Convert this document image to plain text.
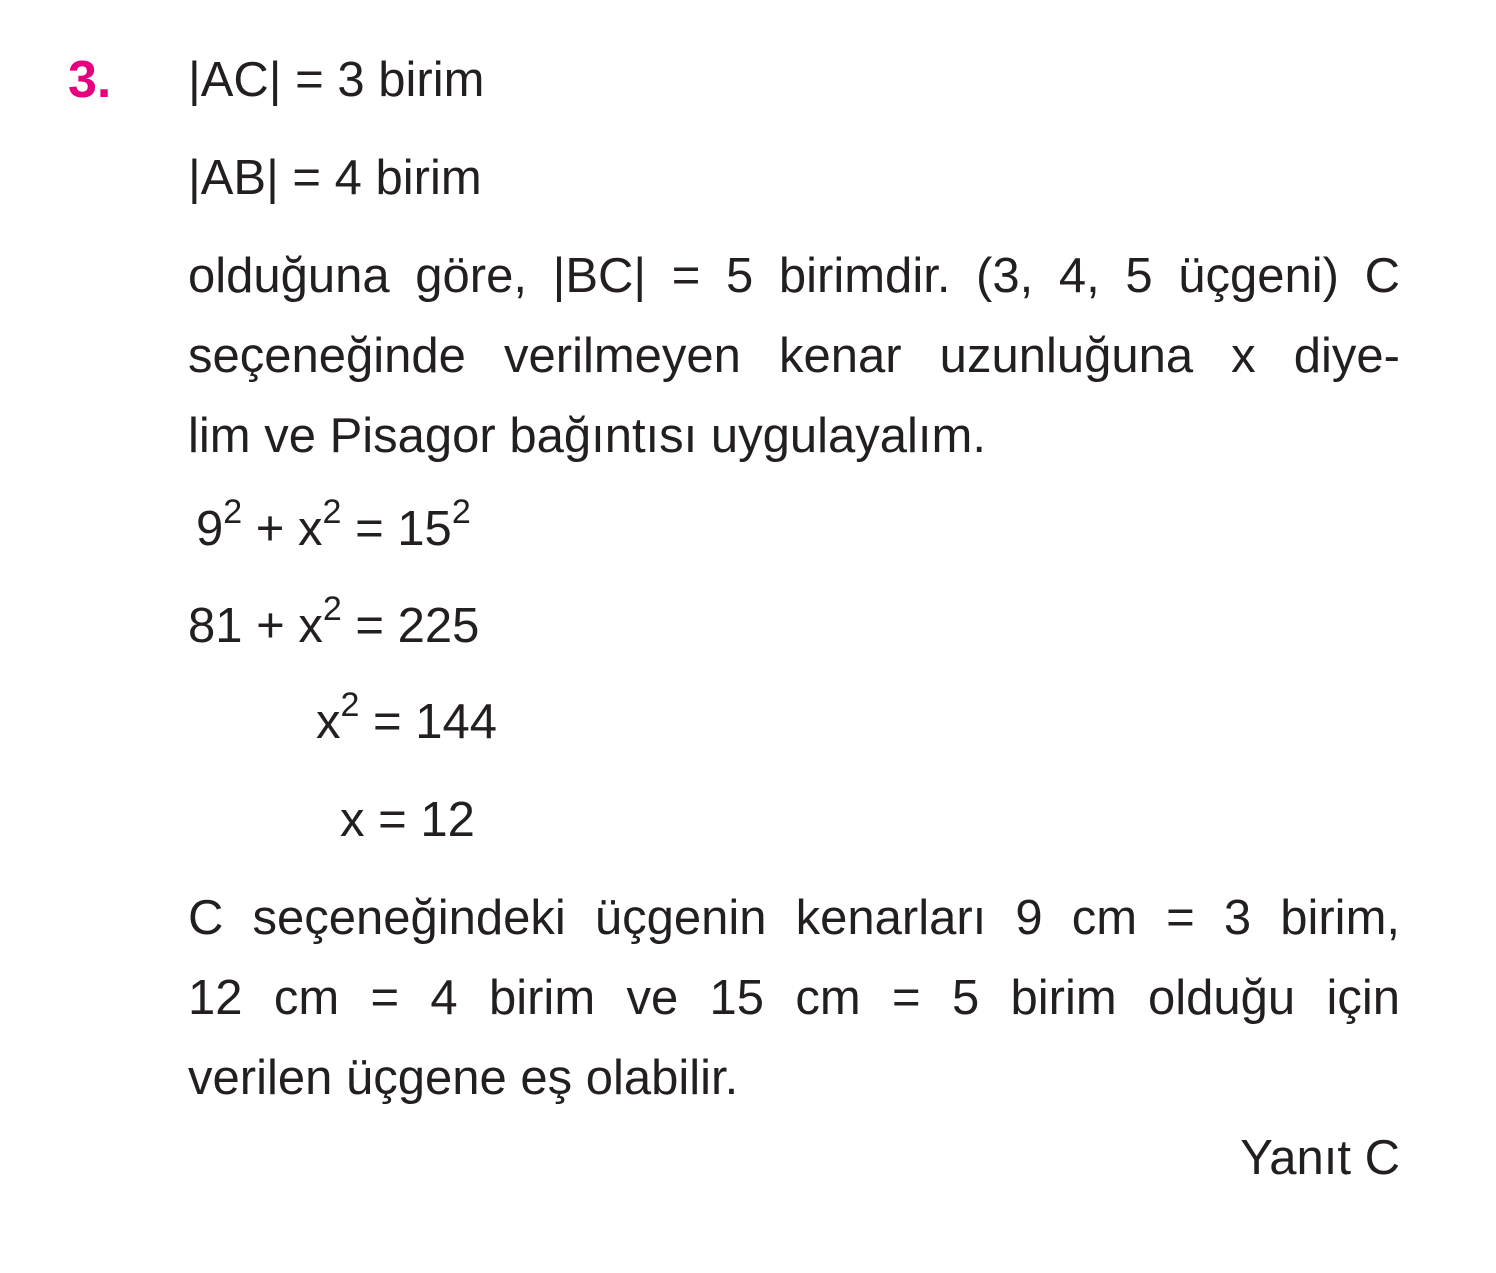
3. |AC| = 3 birim
|AB| = 4 birim
olduğuna göre, |BC| = 5 birimdir. (3, 4, 5 üçgeni) C
seçeneğinde verilmeyen kenar uzunluğuna x diye-
lim ve Pisagor bağıntısı uygulayalım.
$9^2 + x^2 = 15^2$
$81 + x^2 = 225$
$x^2 = 144$
x = 12
C seçeneğindeki üçgenin kenarları 9 cm = 3 birim,
12 cm = 4 birim ve 15 cm = 5 birim olduğu için
verilen üçgene eş olabilir.
Yanıt C
